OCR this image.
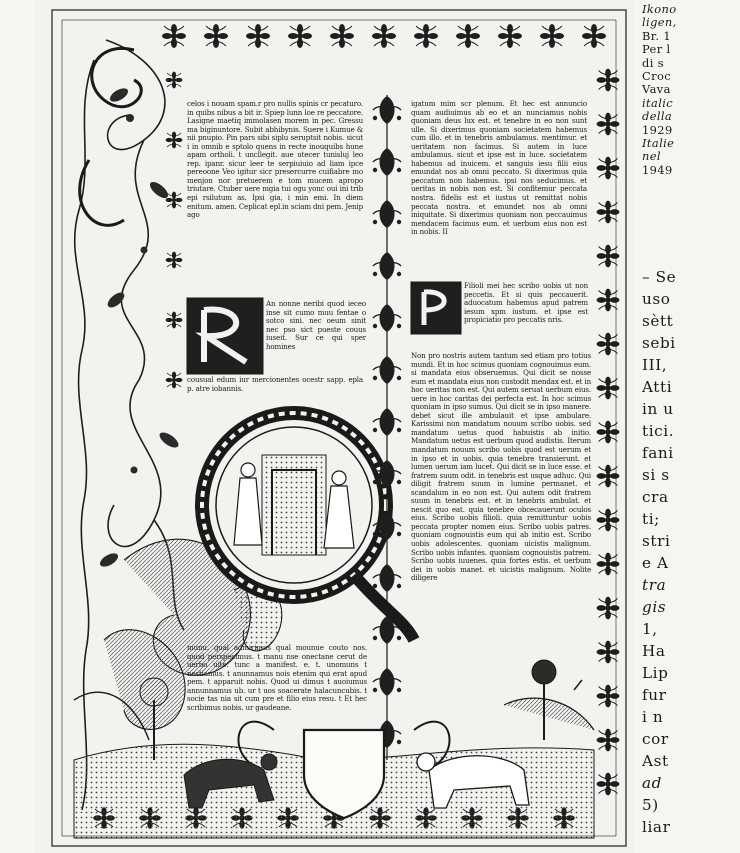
celos i nouam spam.r pro nullis spinis cr pecaturo. in quibs nibus a bit ir. Spiep lunn loe re peccatore. Lasigne maetiq immolasen morem in pec. Gressu ma biginuntore. Subit abhibynis. Suere i Kumue & nii pnupio. Pin pars sibi siplu seruptsit nobis. sicut i in omnib e sptolo quens in recte inouquibs hune apam ortholi. t uncllegit. aue utecer tunisluj leo rep. ipanr. sicur leer te serpiuiuio ad liam ipce pereoone Veo igitur sicr presercurre cuifiabre mo menjon nor pretuerem e tom mucem apropo triutare. Ctuber uere mgia tui ogu yonc oui ini trib epi rsilutum as. Ipsi gia, i min emi. In diem enitum. amen. Ceplicat epl.in sciam dni pem. Jenip ago

An nonne neribi quod ieceo inse sit cumo muu fentae o sotco sini. nec oeum sinit nec pso sict pueste couus iuseit. Sur ce qui sper homines

cousual edum iur mercionentes ocestr sapp. epla p. atre iobannis.

munu. qual admirimus qual mounue couto nos. quod perspecimus. t manu nse onectane cerut de uerbo uite. tunc a manifest. e. t. unomuns t nestiamus. t anunnamus nois etenim qui erat apud pem. t apparuit nobis. Quod ui dimus t auoiumus annunnamus ub. ur t uos soacerate halacuncubis. t socie tas nia sit cum pre et filio eius resu. t Et hec scribimus nobis. ur gaudeane.

igatum mim scr plenum. Et hec est annuncio quam audiuimus ab eo et an nunciamus nobis quoniam deus lux est. et tenebre in eo non sunt ulle. Si dixerimus quoniam societatem habemus cum illo. et in tenebris ambulamus. mentimur. et ueritatem non facimus. Si autem in luce ambulamus. sicut et ipse est in luce. societatem habemus ad inuicem. et sanguis iesu filii eius emundat nos ab omni peccato. Si dixerimus quia peccatum non habemus. ipsi nos seducimus. et ueritas in nobis non est. Si confitemur peccata nostra. fidelis est et iustus ut remittat nobis peccata nostra. et emundet nos ab omni iniquitate. Si dixerimus quoniam non peccauimus mendacem facimus eum. et uerbum eius non est in nobis. II

Filioli mei hec scribo uobis ut non peccetis. Et si quis peccauerit. aduocatum habemus apud patrem iesum xpm iustum. et ipse est propiciatio pro peccatis nris.

Non pro nostris autem tantum sed etiam pro totius mundi. Et in hoc scimus quoniam cognouimus eum. si mandata eius obseruemus. Qui dicit se nosse eum et mandata eius non custodit mendax est. et in hoc ueritas non est. Qui autem seruat uerbum eius. uere in hoc caritas dei perfecta est. In hoc scimus quoniam in ipso sumus. Qui dicit se in ipso manere. debet sicut ille ambulauit et ipse ambulare. Karissimi non mandatum nouum scribo uobis. sed mandatum uetus quod habuistis ab initio. Mandatum uetus est uerbum quod audistis. Iterum mandatum nouum scribo uobis quod est uerum et in ipso et in uobis. quia tenebre transierunt. et lumen uerum iam lucet. Qui dicit se in luce esse. et fratrem suum odit. in tenebris est usque adhuc. Qui diligit fratrem suum in lumine permanet. et scandalum in eo non est. Qui autem odit fratrem suum in tenebris est. et in tenebris ambulat. et nescit quo eat. quia tenebre obcecauerunt oculos eius. Scribo uobis filioli. quia remittuntur uobis peccata propter nomen eius. Scribo uobis patres. quoniam cognouistis eum qui ab initio est. Scribo uobis adolescentes. quoniam uicistis malignum. Scribo uobis infantes. quoniam cognouistis patrem. Scribo uobis iuuenes. quia fortes estis. et uerbum dei in uobis manet. et uicistis malignum. Nolite diligere

Ikono
ligen,
Br. 1
Per l
di s
Croc
Vava
italic
della
1929
Italie
nel
1949
– Se
uso
sètt
sebi
III,
Atti
in u
tici.
fani
si s
cra
ti;
stri
e A
tra
gis
1,
Ha
Lip
fur
i n
cor
Ast
ad
5)
liar
